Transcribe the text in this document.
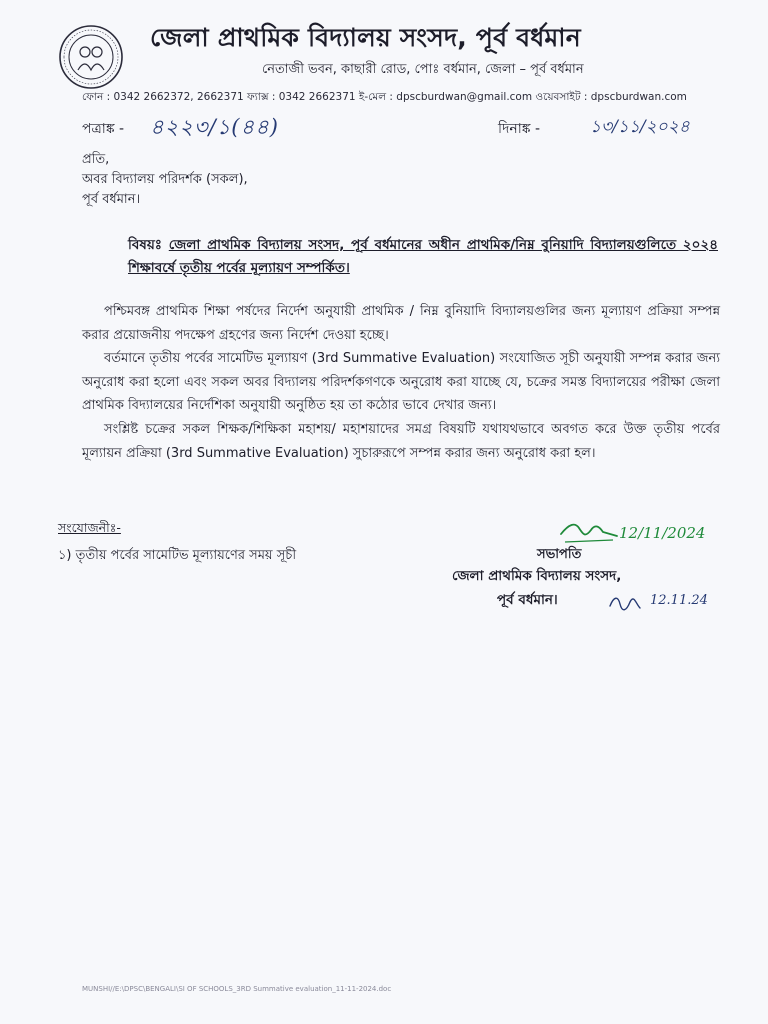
জেলা প্রাথমিক বিদ্যালয় সংসদ, পূর্ব বর্ধমান
নেতাজী ভবন, কাছারী রোড, পোঃ বর্ধমান, জেলা – পূর্ব বর্ধমান
ফোন : 0342 2662372, 2662371 ফ্যাক্স : 0342 2662371 ই-মেল : dpscburdwan@gmail.com ওয়েবসাইট : dpscburdwan.com
পত্রাঙ্ক - ৪২২৩/১(৪৪)	দিনাঙ্ক -	১৩/১১/২০২৪
প্রতি,
অবর বিদ্যালয় পরিদর্শক (সকল),
পূর্ব বর্ধমান।
বিষয়ঃ জেলা প্রাথমিক বিদ্যালয় সংসদ, পূর্ব বর্ধমানের অধীন প্রাথমিক/নিম্ন বুনিয়াদি বিদ্যালয়গুলিতে ২০২৪ শিক্ষাবর্ষে তৃতীয় পর্বের মূল্যায়ণ সম্পর্কিত।

পশ্চিমবঙ্গ প্রাথমিক শিক্ষা পর্ষদের নির্দেশ অনুযায়ী প্রাথমিক / নিম্ন বুনিয়াদি বিদ্যালয়গুলির জন্য মূল্যায়ণ প্রক্রিয়া সম্পন্ন করার প্রয়োজনীয় পদক্ষেপ গ্রহণের জন্য নির্দেশ দেওয়া হচ্ছে।

বর্তমানে তৃতীয় পর্বের সামেটিভ মূল্যায়ণ (3rd Summative Evaluation) সংযোজিত সূচী অনুযায়ী সম্পন্ন করার জন্য অনুরোধ করা হলো এবং সকল অবর বিদ্যালয় পরিদর্শকগণকে অনুরোধ করা যাচ্ছে যে, চক্রের সমস্ত বিদ্যালয়ের পরীক্ষা জেলা প্রাথমিক বিদ্যালয়ের নির্দেশিকা অনুযায়ী অনুষ্ঠিত হয় তা কঠোর ভাবে দেখার জন্য।

সংশ্লিষ্ট চক্রের সকল শিক্ষক/শিক্ষিকা মহাশয়/ মহাশয়াদের সমগ্র বিষয়টি যথাযথভাবে অবগত করে উক্ত তৃতীয় পর্বের মূল্যায়ন প্রক্রিয়া (3rd Summative Evaluation) সুচারুরূপে সম্পন্ন করার জন্য অনুরোধ করা হল।

সংযোজনীঃ-
১) তৃতীয় পর্বের সামেটিভ মূল্যায়ণের সময় সূচী
12/11/2024
সভাপতি
জেলা প্রাথমিক বিদ্যালয় সংসদ,
পূর্ব বর্ধমান।	12.11.24
MUNSHI//E:\DPSC\BENGALI\SI OF SCHOOLS_3RD Summative evaluation_11-11-2024.doc
